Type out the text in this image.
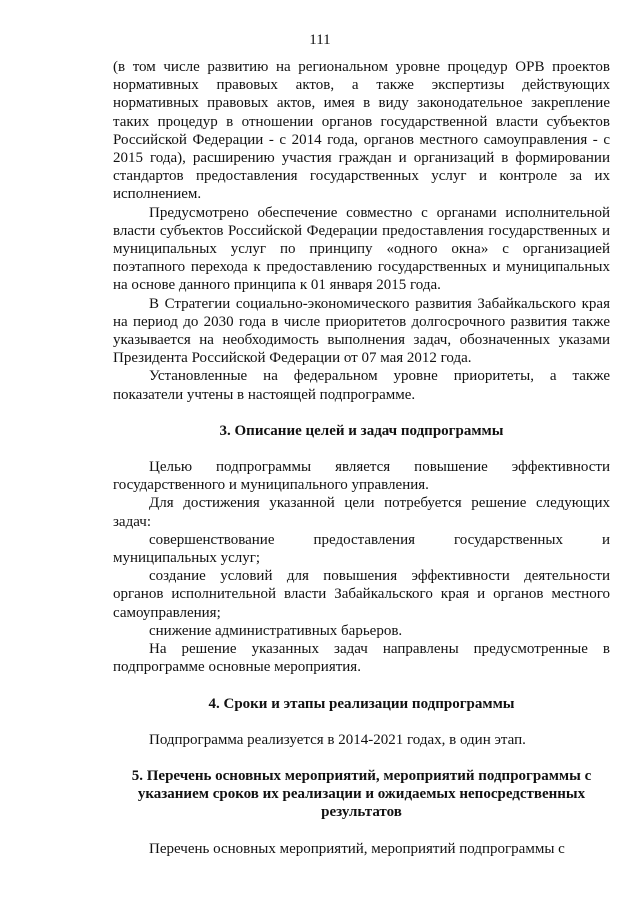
111

(в том числе развитию на региональном уровне процедур ОРВ проектов нормативных правовых актов, а также экспертизы действующих нормативных правовых актов, имея в виду законодательное закрепление таких процедур в отношении органов государственной власти субъектов Российской Федерации - с 2014 года, органов местного самоуправления - с 2015 года), расширению участия граждан и организаций в формировании стандартов предоставления государственных услуг и контроле за их исполнением.

Предусмотрено обеспечение совместно с органами исполнительной власти субъектов Российской Федерации предоставления государственных и муниципальных услуг по принципу «одного окна» с организацией поэтапного перехода к предоставлению государственных и муниципальных на основе данного принципа к 01 января 2015 года.

В Стратегии социально-экономического развития Забайкальского края на период до 2030 года в числе приоритетов долгосрочного развития также указывается на необходимость выполнения задач, обозначенных указами Президента Российской Федерации от 07 мая 2012 года.

Установленные на федеральном уровне приоритеты, а также показатели учтены в настоящей подпрограмме.

3. Описание целей и задач подпрограммы

Целью подпрограммы является повышение эффективности государственного и муниципального управления.

Для достижения указанной цели потребуется решение следующих задач:

совершенствование предоставления государственных и муниципальных услуг;

создание условий для повышения эффективности деятельности органов исполнительной власти Забайкальского края и органов местного самоуправления;

снижение административных барьеров.

На решение указанных задач направлены предусмотренные в подпрограмме основные мероприятия.

4. Сроки и этапы реализации подпрограммы

Подпрограмма реализуется в 2014-2021 годах, в один этап.

5. Перечень основных мероприятий, мероприятий подпрограммы с указанием сроков их реализации и ожидаемых непосредственных результатов

Перечень основных мероприятий, мероприятий подпрограммы с
